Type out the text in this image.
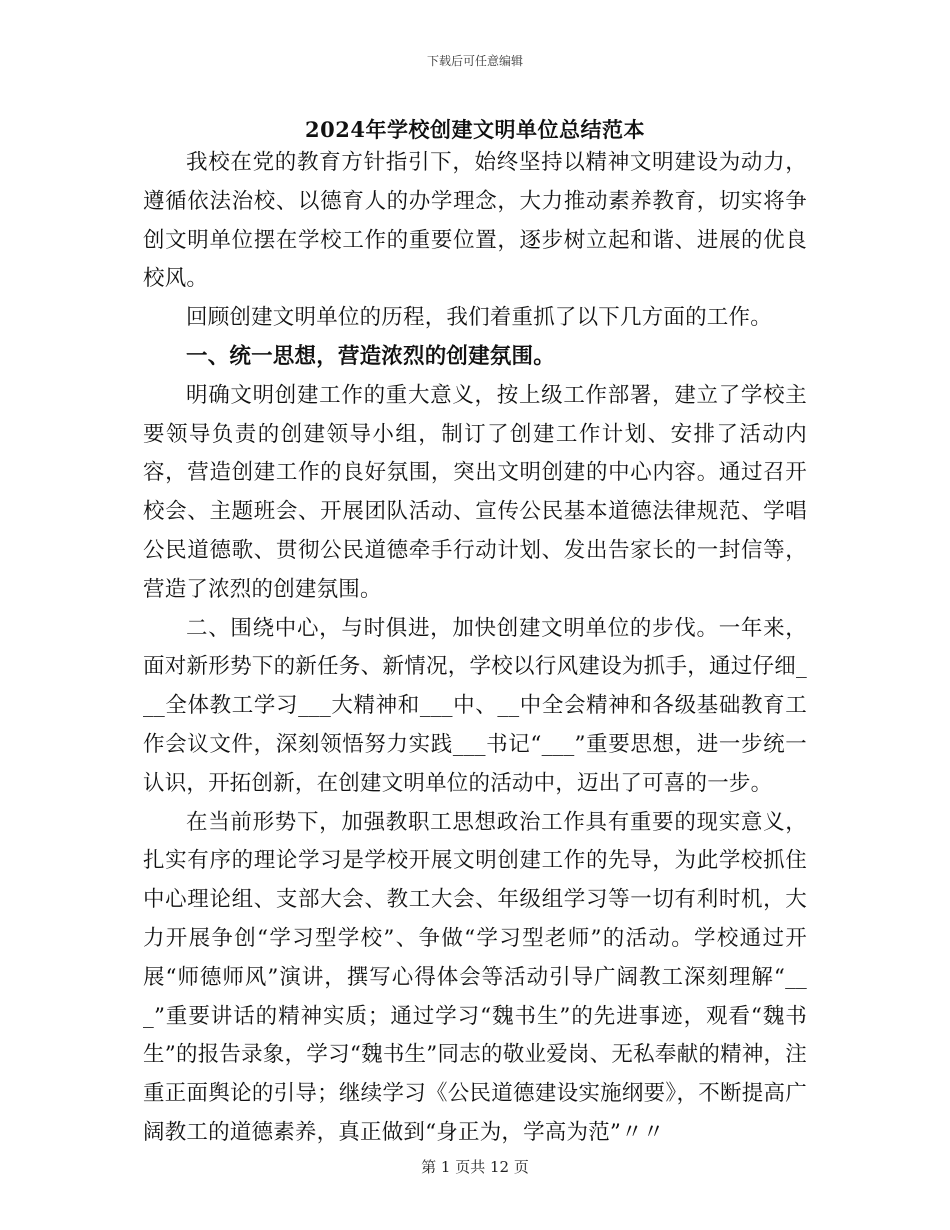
下载后可任意编辑
2024年学校创建文明单位总结范本

我校在党的教育方针指引下，始终坚持以精神文明建设为动力，遵循依法治校、以德育人的办学理念，大力推动素养教育，切实将争创文明单位摆在学校工作的重要位置，逐步树立起和谐、进展的优良校风。

回顾创建文明单位的历程，我们着重抓了以下几方面的工作。

一、统一思想，营造浓烈的创建氛围。

明确文明创建工作的重大意义，按上级工作部署，建立了学校主要领导负责的创建领导小组，制订了创建工作计划、安排了活动内容，营造创建工作的良好氛围，突出文明创建的中心内容。通过召开校会、主题班会、开展团队活动、宣传公民基本道德法律规范、学唱公民道德歌、贯彻公民道德牵手行动计划、发出告家长的一封信等，营造了浓烈的创建氛围。

二、围绕中心，与时俱进，加快创建文明单位的步伐。一年来，面对新形势下的新任务、新情况，学校以行风建设为抓手，通过仔细___全体教工学习___大精神和___中、__中全会精神和各级基础教育工作会议文件，深刻领悟努力实践___书记“___”重要思想，进一步统一认识，开拓创新，在创建文明单位的活动中，迈出了可喜的一步。

在当前形势下，加强教职工思想政治工作具有重要的现实意义，扎实有序的理论学习是学校开展文明创建工作的先导，为此学校抓住中心理论组、支部大会、教工大会、年级组学习等一切有利时机，大力开展争创“学习型学校”、争做“学习型老师”的活动。学校通过开展“师德师风”演讲，撰写心得体会等活动引导广阔教工深刻理解“___”重要讲话的精神实质；通过学习“魏书生”的先进事迹，观看“魏书生”的报告录象，学习“魏书生”同志的敬业爱岗、无私奉献的精神，注重正面舆论的引导；继续学习《公民道德建设实施纲要》，不断提高广阔教工的道德素养，真正做到“身正为，学高为范”〃〃

第 1 页共 12 页
